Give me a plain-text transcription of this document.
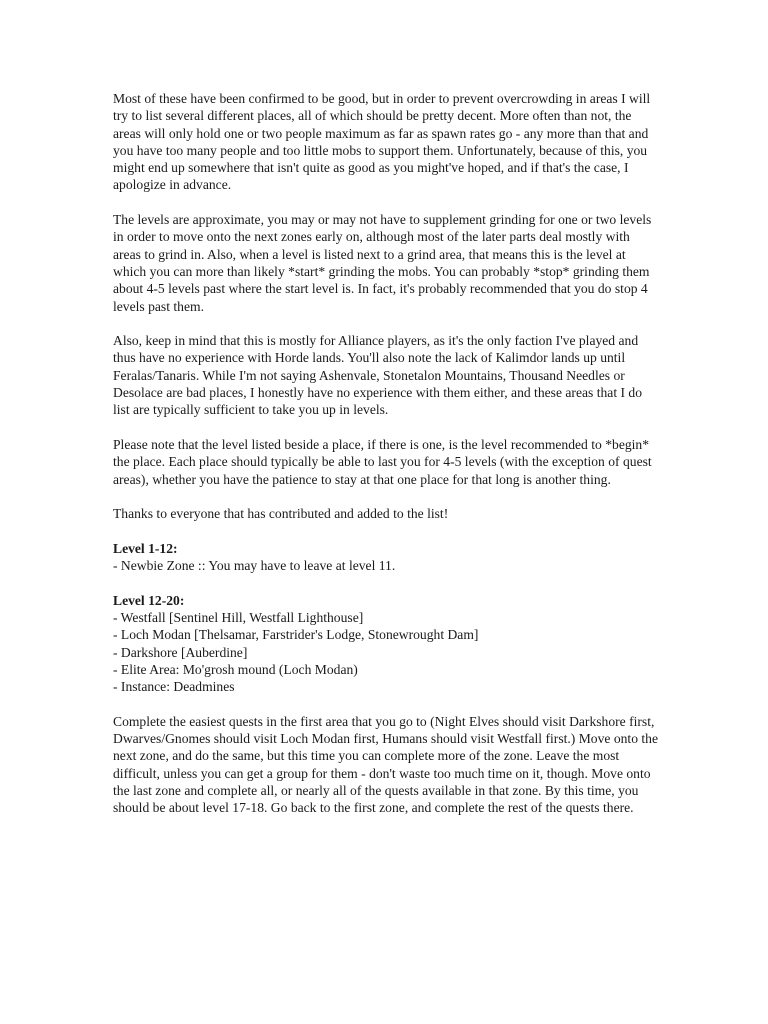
Most of these have been confirmed to be good, but in order to prevent overcrowding in areas I will try to list several different places, all of which should be pretty decent. More often than not, the areas will only hold one or two people maximum as far as spawn rates go - any more than that and you have too many people and too little mobs to support them. Unfortunately, because of this, you might end up somewhere that isn't quite as good as you might've hoped, and if that's the case, I apologize in advance.

The levels are approximate, you may or may not have to supplement grinding for one or two levels in order to move onto the next zones early on, although most of the later parts deal mostly with areas to grind in. Also, when a level is listed next to a grind area, that means this is the level at which you can more than likely *start* grinding the mobs. You can probably *stop* grinding them about 4-5 levels past where the start level is. In fact, it's probably recommended that you do stop 4 levels past them.

Also, keep in mind that this is mostly for Alliance players, as it's the only faction I've played and thus have no experience with Horde lands. You'll also note the lack of Kalimdor lands up until Feralas/Tanaris. While I'm not saying Ashenvale, Stonetalon Mountains, Thousand Needles or Desolace are bad places, I honestly have no experience with them either, and these areas that I do list are typically sufficient to take you up in levels.

Please note that the level listed beside a place, if there is one, is the level recommended to *begin* the place. Each place should typically be able to last you for 4-5 levels (with the exception of quest areas), whether you have the patience to stay at that one place for that long is another thing.

Thanks to everyone that has contributed and added to the list!

Level 1-12:

- Newbie Zone :: You may have to leave at level 11.

Level 12-20:

- Westfall [Sentinel Hill, Westfall Lighthouse]
- Loch Modan [Thelsamar, Farstrider's Lodge, Stonewrought Dam]
- Darkshore [Auberdine]
- Elite Area: Mo'grosh mound (Loch Modan)
- Instance: Deadmines

Complete the easiest quests in the first area that you go to (Night Elves should visit Darkshore first, Dwarves/Gnomes should visit Loch Modan first, Humans should visit Westfall first.) Move onto the next zone, and do the same, but this time you can complete more of the zone. Leave the most difficult, unless you can get a group for them - don't waste too much time on it, though. Move onto the last zone and complete all, or nearly all of the quests available in that zone. By this time, you should be about level 17-18. Go back to the first zone, and complete the rest of the quests there.
